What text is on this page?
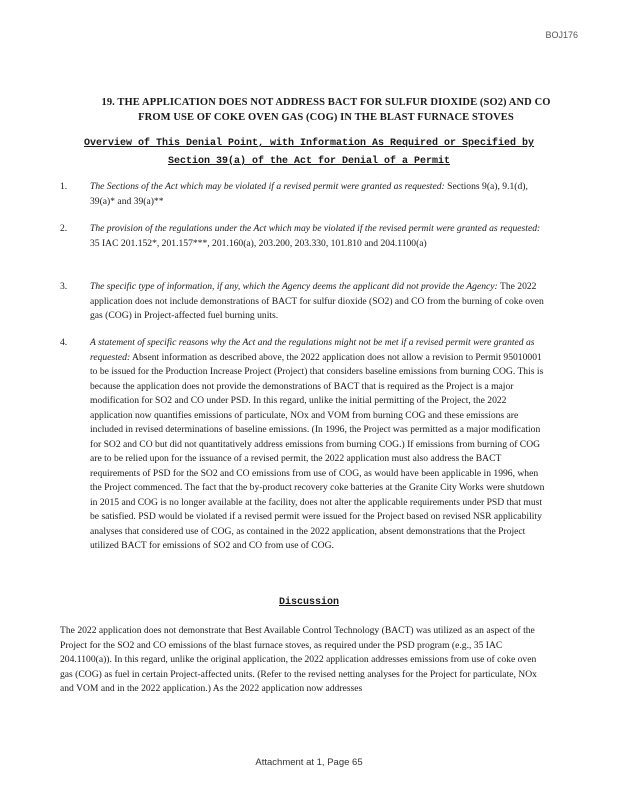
BOJ176
19. THE APPLICATION DOES NOT ADDRESS BACT FOR SULFUR DIOXIDE (SO2) AND CO FROM USE OF COKE OVEN GAS (COG) IN THE BLAST FURNACE STOVES
Overview of This Denial Point, with Information As Required or Specified by Section 39(a) of the Act for Denial of a Permit
1.	The Sections of the Act which may be violated if a revised permit were granted as requested: Sections 9(a), 9.1(d), 39(a)* and 39(a)**
2.	The provision of the regulations under the Act which may be violated if the revised permit were granted as requested: 35 IAC 201.152*, 201.157***, 201.160(a), 203.200, 203.330, 101.810 and 204.1100(a)
3.	The specific type of information, if any, which the Agency deems the applicant did not provide the Agency: The 2022 application does not include demonstrations of BACT for sulfur dioxide (SO2) and CO from the burning of coke oven gas (COG) in Project-affected fuel burning units.
4.	A statement of specific reasons why the Act and the regulations might not be met if a revised permit were granted as requested: Absent information as described above, the 2022 application does not allow a revision to Permit 95010001 to be issued for the Production Increase Project (Project) that considers baseline emissions from burning COG. This is because the application does not provide the demonstrations of BACT that is required as the Project is a major modification for SO2 and CO under PSD. In this regard, unlike the initial permitting of the Project, the 2022 application now quantifies emissions of particulate, NOx and VOM from burning COG and these emissions are included in revised determinations of baseline emissions. (In 1996, the Project was permitted as a major modification for SO2 and CO but did not quantitatively address emissions from burning COG.) If emissions from burning of COG are to be relied upon for the issuance of a revised permit, the 2022 application must also address the BACT requirements of PSD for the SO2 and CO emissions from use of COG, as would have been applicable in 1996, when the Project commenced. The fact that the by-product recovery coke batteries at the Granite City Works were shutdown in 2015 and COG is no longer available at the facility, does not alter the applicable requirements under PSD that must be satisfied. PSD would be violated if a revised permit were issued for the Project based on revised NSR applicability analyses that considered use of COG, as contained in the 2022 application, absent demonstrations that the Project utilized BACT for emissions of SO2 and CO from use of COG.
Discussion
The 2022 application does not demonstrate that Best Available Control Technology (BACT) was utilized as an aspect of the Project for the SO2 and CO emissions of the blast furnace stoves, as required under the PSD program (e.g., 35 IAC 204.1100(a)). In this regard, unlike the original application, the 2022 application addresses emissions from use of coke oven gas (COG) as fuel in certain Project-affected units. (Refer to the revised netting analyses for the Project for particulate, NOx and VOM and in the 2022 application.) As the 2022 application now addresses
Attachment at 1, Page 65
